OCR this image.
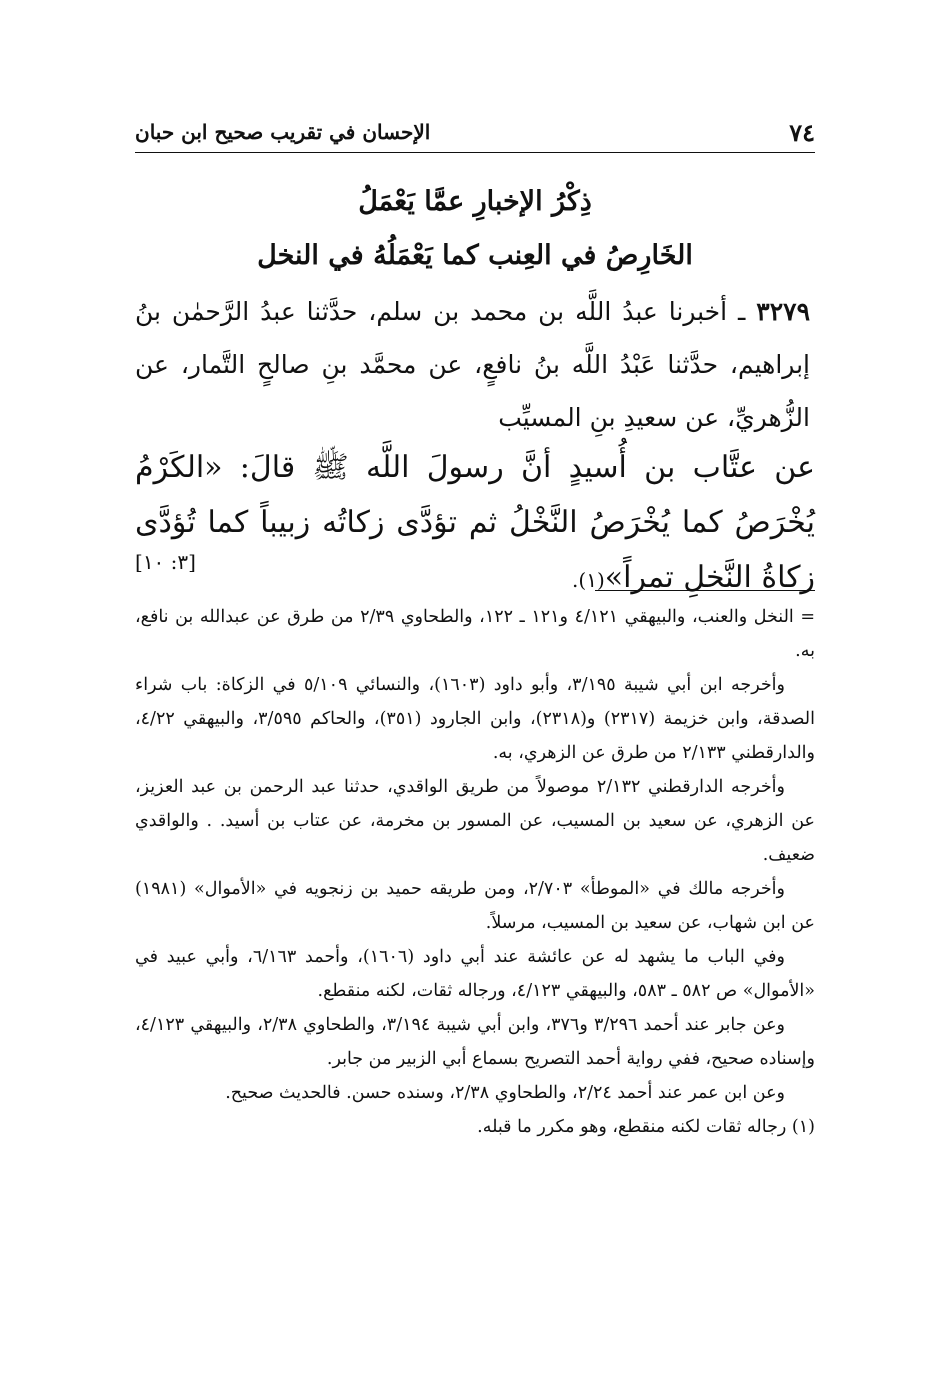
٧٤
الإحسان في تقريب صحيح ابن حبان
ذِكْرُ الإخبارِ عمَّا يَعْمَلُ
الخَارِصُ في العِنب كما يَعْمَلُهُ في النخل

٣٢٧٩ ـ أخبرنا عبدُ اللَّه بن محمد بن سلم، حدَّثنا عبدُ الرَّحمٰن بنُ إبراهيم، حدَّثنا عَبْدُ اللَّه بنُ نافعٍ، عن محمَّد بنِ صالحٍ التَّمار، عن الزُّهريِّ، عن سعيدِ بنِ المسيِّب

عن عتَّاب بن أُسيدٍ أنَّ رسولَ اللَّه ﷺ قالَ: «الكَرْمُ يُخْرَصُ كما يُخْرَصُ النَّخْلُ ثم تؤدَّى زكاتُه زبيباً كما تُؤدَّى زكاةُ النَّخلِ تمراً»(١).

[٣: ١٠]

= النخل والعنب، والبيهقي ٤/١٢١ و١٢١ ـ ١٢٢، والطحاوي ٢/٣٩ من طرق عن عبدالله بن نافع، به.

وأخرجه ابن أبي شيبة ٣/١٩٥، وأبو داود (١٦٠٣)، والنسائي ٥/١٠٩ في الزكاة: باب شراء الصدقة، وابن خزيمة (٢٣١٧) و(٢٣١٨)، وابن الجارود (٣٥١)، والحاكم ٣/٥٩٥، والبيهقي ٤/٢٢، والدارقطني ٢/١٣٣ من طرق عن الزهري، به.

وأخرجه الدارقطني ٢/١٣٢ موصولاً من طريق الواقدي، حدثنا عبد الرحمن بن عبد العزيز، عن الزهري، عن سعيد بن المسيب، عن المسور بن مخرمة، عن عتاب بن أسيد. . والواقدي ضعيف.

وأخرجه مالك في «الموطأ» ٢/٧٠٣، ومن طريقه حميد بن زنجويه في «الأموال» (١٩٨١) عن ابن شهاب، عن سعيد بن المسيب، مرسلاً.

وفي الباب ما يشهد له عن عائشة عند أبي داود (١٦٠٦)، وأحمد ٦/١٦٣، وأبي عبيد في «الأموال» ص ٥٨٢ ـ ٥٨٣، والبيهقي ٤/١٢٣، ورجاله ثقات، لكنه منقطع.

وعن جابر عند أحمد ٣/٢٩٦ و٣٧٦، وابن أبي شيبة ٣/١٩٤، والطحاوي ٢/٣٨، والبيهقي ٤/١٢٣، وإسناده صحيح، ففي رواية أحمد التصريح بسماع أبي الزبير من جابر.

وعن ابن عمر عند أحمد ٢/٢٤، والطحاوي ٢/٣٨، وسنده حسن. فالحديث صحيح.

(١) رجاله ثقات لكنه منقطع، وهو مكرر ما قبله.
